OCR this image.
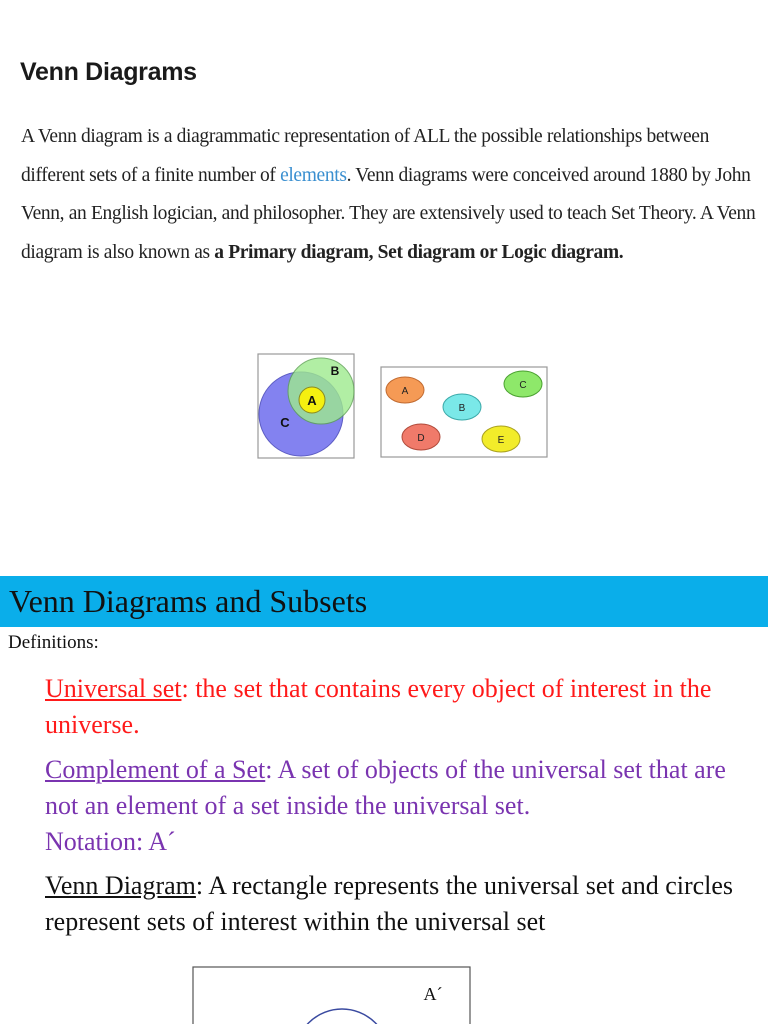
Venn Diagrams
A Venn diagram is a diagrammatic representation of ALL the possible relationships between different sets of a finite number of elements. Venn diagrams were conceived around 1880 by John Venn, an English logician, and philosopher. They are extensively used to teach Set Theory. A Venn diagram is also known as a Primary diagram, Set diagram or Logic diagram.
A
B
C
A
B
C
D	E
Venn Diagrams and Subsets
Definitions:
Universal set: the set that contains every object of interest in the universe.
Complement of a Set: A set of objects of the universal set that are not an element of a set inside the universal set.
Notation: A´
Venn Diagram: A rectangle represents the universal set and circles represent sets of interest within the universal set
A´
